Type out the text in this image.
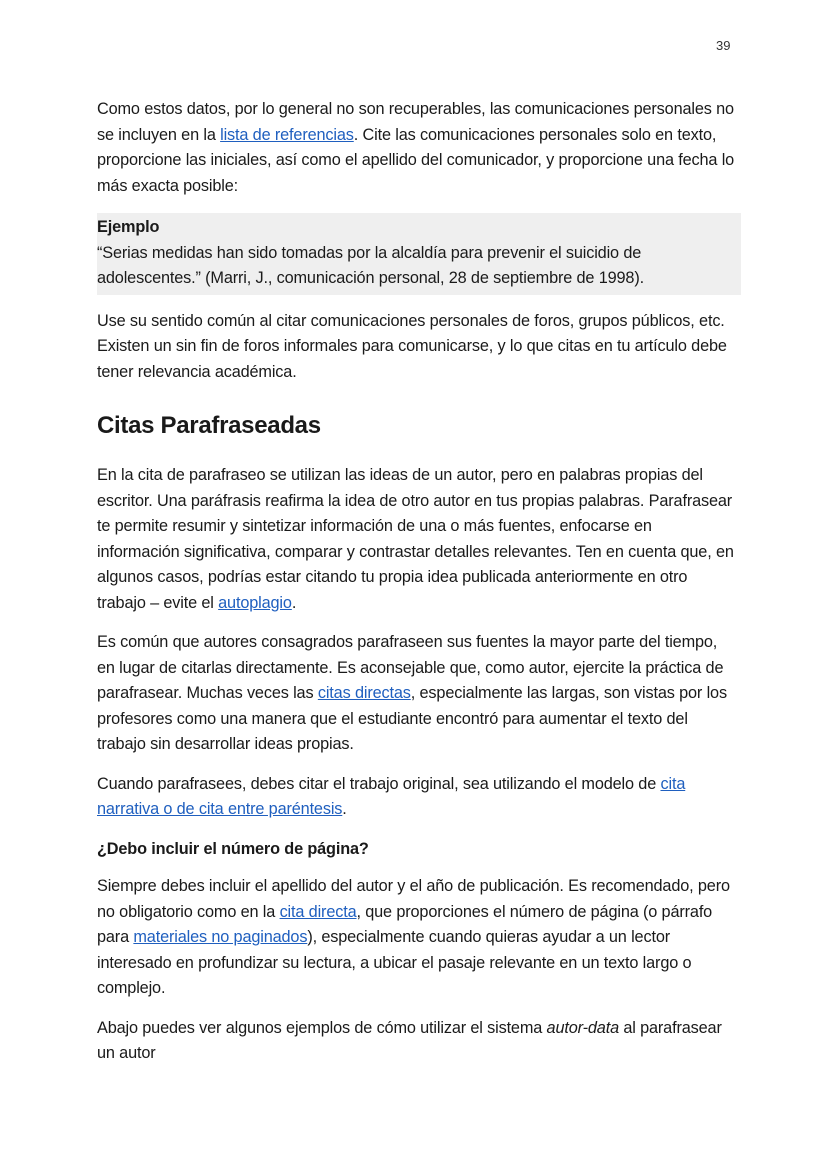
39

Como estos datos, por lo general no son recuperables, las comunicaciones personales no se incluyen en la lista de referencias. Cite las comunicaciones personales solo en texto, proporcione las iniciales, así como el apellido del comunicador, y proporcione una fecha lo más exacta posible:

Ejemplo
“Serias medidas han sido tomadas por la alcaldía para prevenir el suicidio de adolescentes.” (Marri, J., comunicación personal, 28 de septiembre de 1998).

Use su sentido común al citar comunicaciones personales de foros, grupos públicos, etc. Existen un sin fin de foros informales para comunicarse, y lo que citas en tu artículo debe tener relevancia académica.

Citas Parafraseadas

En la cita de parafraseo se utilizan las ideas de un autor, pero en palabras propias del escritor. Una paráfrasis reafirma la idea de otro autor en tus propias palabras. Parafrasear te permite resumir y sintetizar información de una o más fuentes, enfocarse en información significativa, comparar y contrastar detalles relevantes. Ten en cuenta que, en algunos casos, podrías estar citando tu propia idea publicada anteriormente en otro trabajo – evite el autoplagio.

Es común que autores consagrados parafraseen sus fuentes la mayor parte del tiempo, en lugar de citarlas directamente. Es aconsejable que, como autor, ejercite la práctica de parafrasear. Muchas veces las citas directas, especialmente las largas, son vistas por los profesores como una manera que el estudiante encontró para aumentar el texto del trabajo sin desarrollar ideas propias.

Cuando parafrasees, debes citar el trabajo original, sea utilizando el modelo de cita narrativa o de cita entre paréntesis.

¿Debo incluir el número de página?

Siempre debes incluir el apellido del autor y el año de publicación. Es recomendado, pero no obligatorio como en la cita directa, que proporciones el número de página (o párrafo para materiales no paginados), especialmente cuando quieras ayudar a un lector interesado en profundizar su lectura, a ubicar el pasaje relevante en un texto largo o complejo.

Abajo puedes ver algunos ejemplos de cómo utilizar el sistema autor-data al parafrasear un autor
